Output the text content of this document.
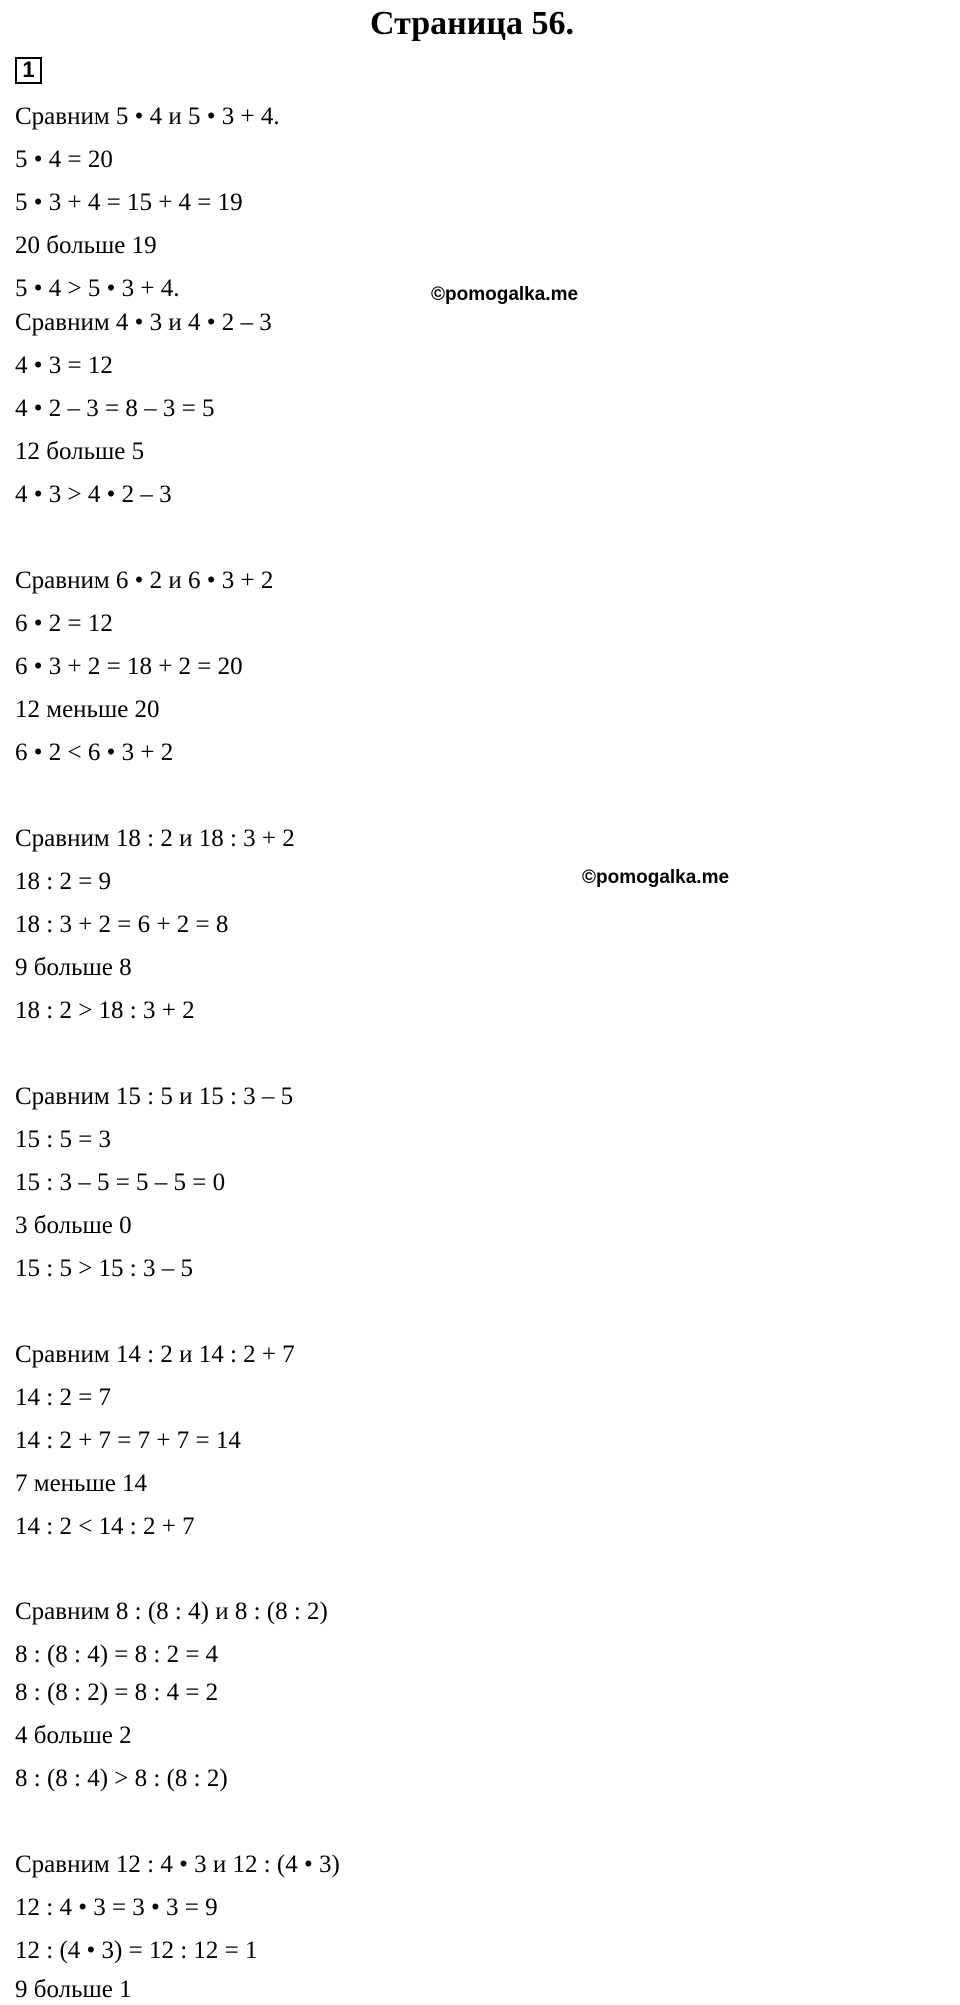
Страница 56.
1
©pomogalka.me
©pomogalka.me
Сравним 5 • 4 и 5 • 3 + 4.
5 • 4 = 20
5 • 3 + 4 = 15 + 4 = 19
20 больше 19
5 • 4 > 5 • 3 + 4.
Сравним 4 • 3 и 4 • 2 – 3
4 • 3 = 12
4 • 2 – 3 = 8 – 3 = 5
12 больше 5
4 • 3 > 4 • 2 – 3
Сравним 6 • 2 и 6 • 3 + 2
6 • 2 = 12
6 • 3 + 2 = 18 + 2 = 20
12 меньше 20
6 • 2 < 6 • 3 + 2
Сравним 18 : 2 и 18 : 3 + 2
18 : 2 = 9
18 : 3 + 2 = 6 + 2 = 8
9 больше 8
18 : 2 > 18 : 3 + 2
Сравним 15 : 5 и 15 : 3 – 5
15 : 5 = 3
15 : 3 – 5 = 5 – 5 = 0
3 больше 0
15 : 5 > 15 : 3 – 5
Сравним 14 : 2 и 14 : 2 + 7
14 : 2 = 7
14 : 2 + 7 = 7 + 7 = 14
7 меньше 14
14 : 2 < 14 : 2 + 7
Сравним 8 : (8 : 4) и 8 : (8 : 2)
8 : (8 : 4) = 8 : 2 = 4
8 : (8 : 2) = 8 : 4 = 2
4 больше 2
8 : (8 : 4) > 8 : (8 : 2)
Сравним 12 : 4 • 3 и 12 : (4 • 3)
12 : 4 • 3 = 3 • 3 = 9
12 : (4 • 3) = 12 : 12 = 1
9 больше 1
